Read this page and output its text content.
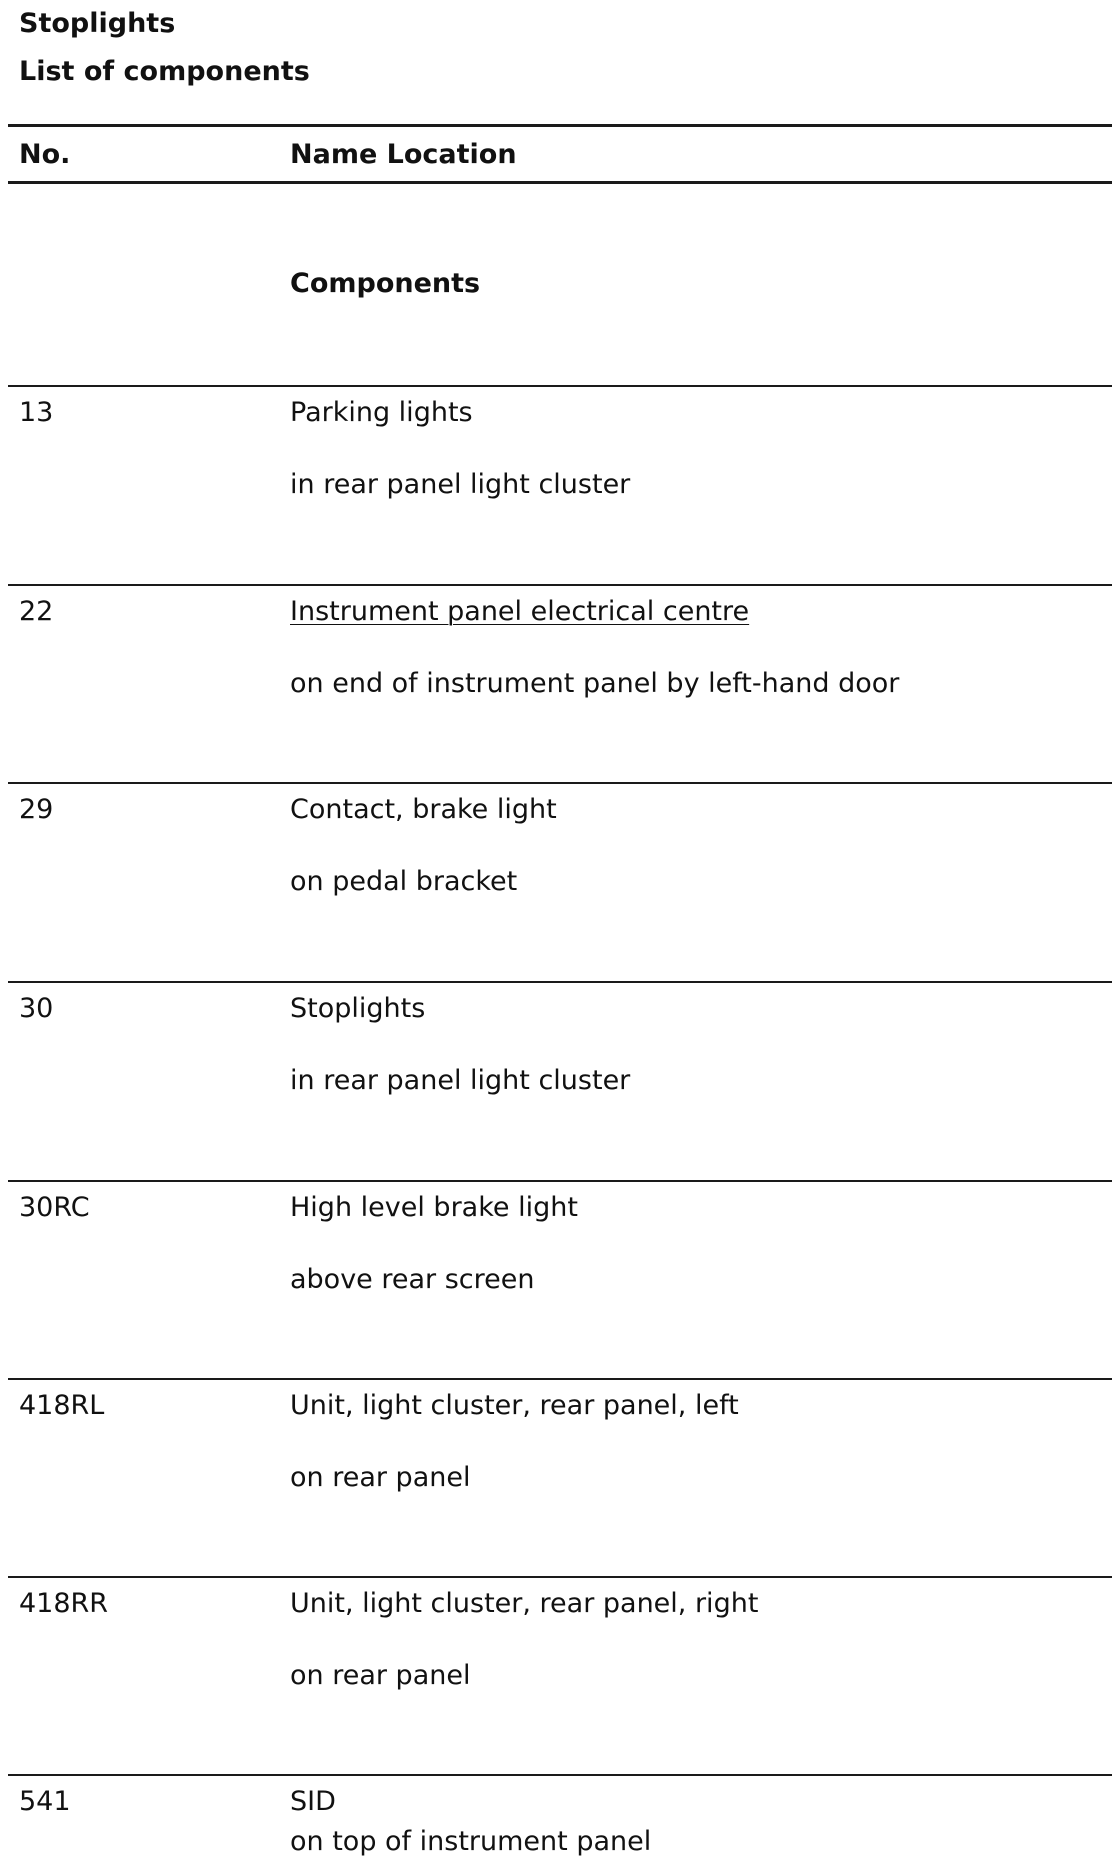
Stoplights
List of components
No.	Name Location
Components
13	Parking lights
in rear panel light cluster
22	Instrument panel electrical centre
on end of instrument panel by left-hand door
29	Contact, brake light
on pedal bracket
30	Stoplights
in rear panel light cluster
30RC	High level brake light
above rear screen
418RL	Unit, light cluster, rear panel, left
on rear panel
418RR	Unit, light cluster, rear panel, right
on rear panel
541	SID
on top of instrument panel
